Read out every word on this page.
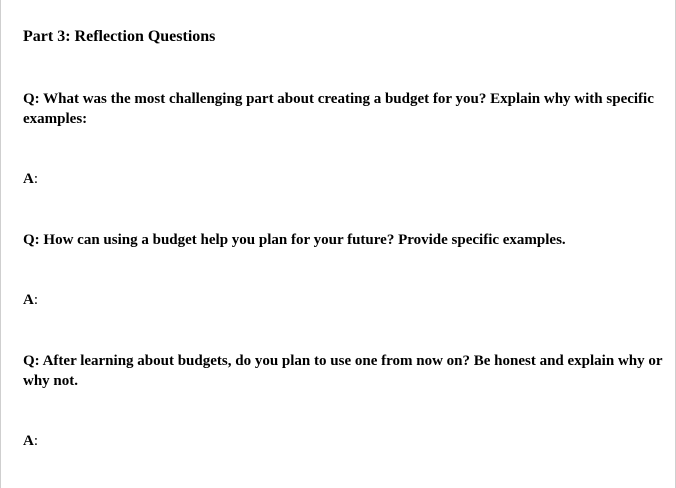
Part 3: Reflection Questions

Q: What was the most challenging part about creating a budget for you? Explain why with specific examples:

A:

Q: How can using a budget help you plan for your future? Provide specific examples.

A:

Q: After learning about budgets, do you plan to use one from now on? Be honest and explain why or why not.

A:
